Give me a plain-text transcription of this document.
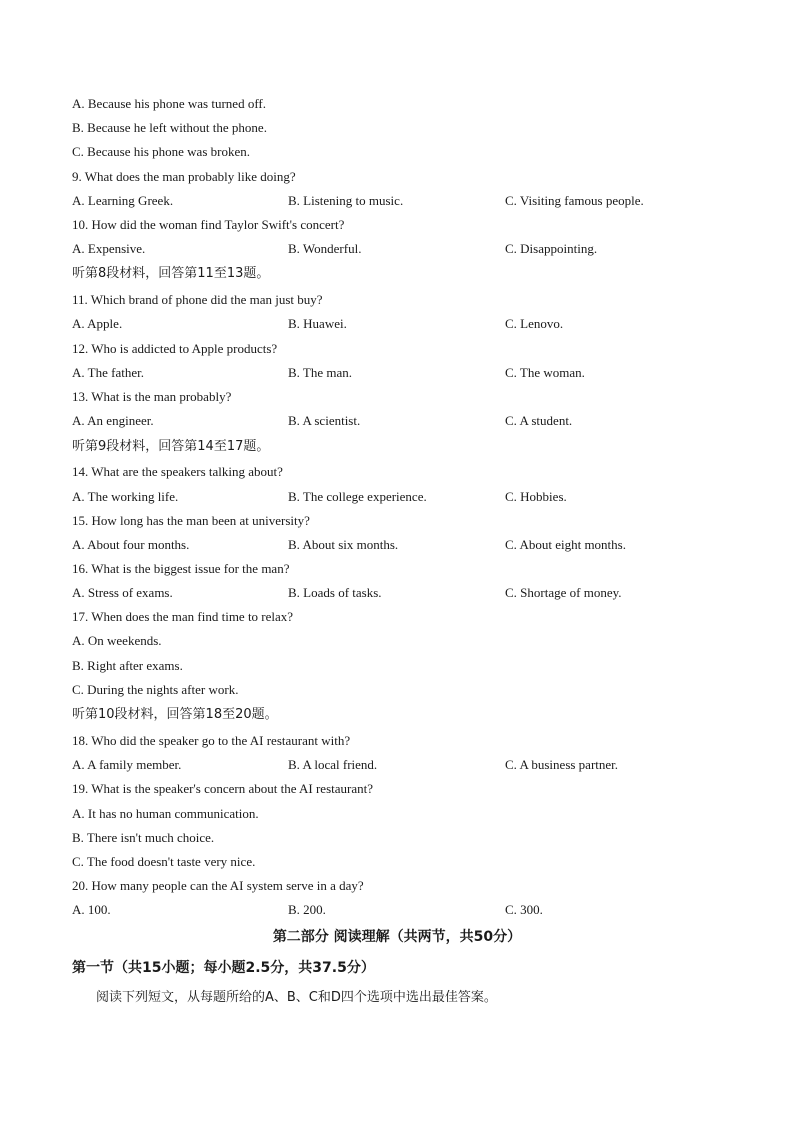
A. Because his phone was turned off.
B. Because he left without the phone.
C. Because his phone was broken.
9. What does the man probably like doing?
A. Learning Greek.	B. Listening to music.	C. Visiting famous people.
10. How did the woman find Taylor Swift's concert?
A. Expensive.	B. Wonderful.	C. Disappointing.
听第8段材料，回答第11至13题。
11. Which brand of phone did the man just buy?
A. Apple.	B. Huawei.	C. Lenovo.
12. Who is addicted to Apple products?
A. The father.	B. The man.	C. The woman.
13. What is the man probably?
A. An engineer.	B. A scientist.	C. A student.
听第9段材料，回答第14至17题。
14. What are the speakers talking about?
A. The working life.	B. The college experience.	C. Hobbies.
15. How long has the man been at university?
A. About four months.	B. About six months.	C. About eight months.
16. What is the biggest issue for the man?
A. Stress of exams.	B. Loads of tasks.	C. Shortage of money.
17. When does the man find time to relax?
A. On weekends.
B. Right after exams.
C. During the nights after work.
听第10段材料，回答第18至20题。
18. Who did the speaker go to the AI restaurant with?
A. A family member.	B. A local friend.	C. A business partner.
19. What is the speaker's concern about the AI restaurant?
A. It has no human communication.
B. There isn't much choice.
C. The food doesn't taste very nice.
20. How many people can the AI system serve in a day?
A. 100.	B. 200.	C. 300.
第二部分 阅读理解（共两节，共50分）
第一节（共15小题；每小题2.5分，共37.5分）
阅读下列短文，从每题所给的A、B、C和D四个选项中选出最佳答案。
